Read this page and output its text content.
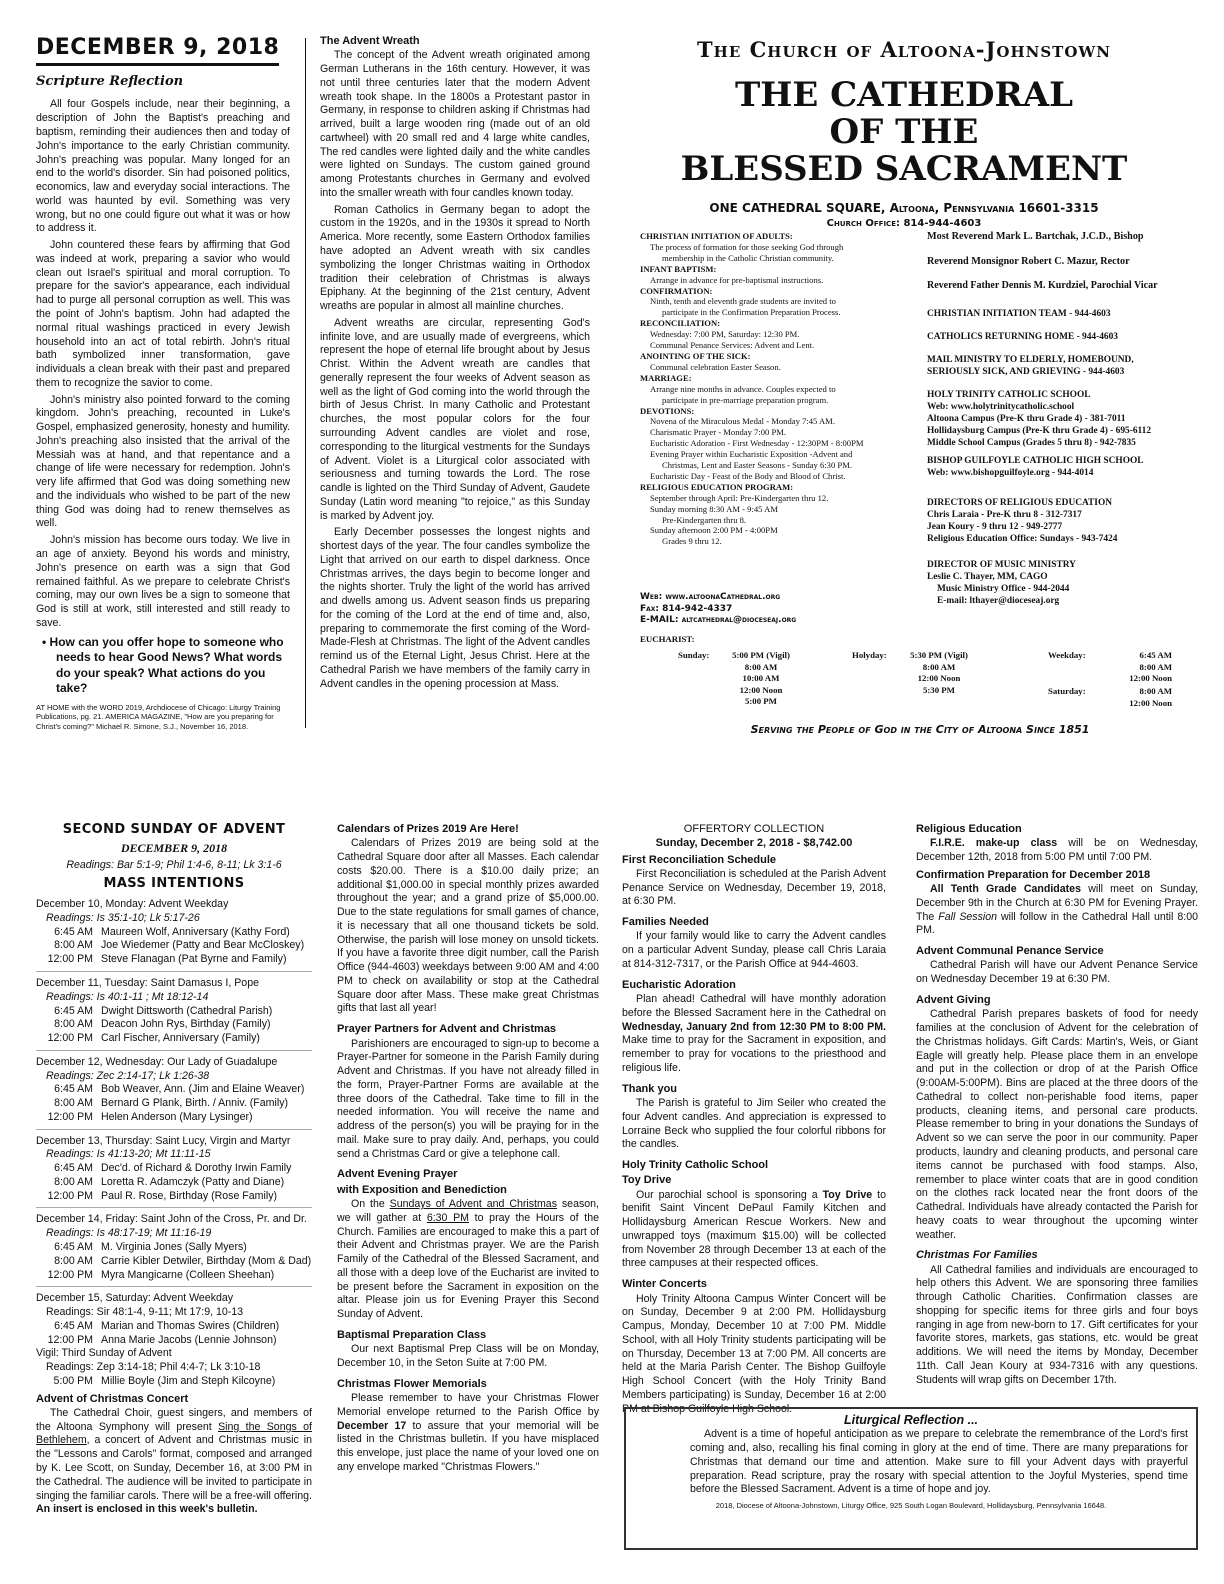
DECEMBER 9, 2018
Scripture Reflection

All four Gospels include, near their beginning, a description of John the Baptist's preaching and baptism, reminding their audiences then and today of John's importance to the early Christian community. John's preaching was popular. Many longed for an end to the world's disorder. Sin had poisoned politics, economics, law and everyday social interactions. The world was haunted by evil. Something was very wrong, but no one could figure out what it was or how to address it.

John countered these fears by affirming that God was indeed at work, preparing a savior who would clean out Israel's spiritual and moral corruption. To prepare for the savior's appearance, each individual had to purge all personal corruption as well. This was the point of John's baptism. John had adapted the normal ritual washings practiced in every Jewish household into an act of total rebirth. John's ritual bath symbolized inner transformation, gave individuals a clean break with their past and prepared them to recognize the savior to come.

John's ministry also pointed forward to the coming kingdom. John's preaching, recounted in Luke's Gospel, emphasized generosity, honesty and humility. John's preaching also insisted that the arrival of the Messiah was at hand, and that repentance and a change of life were necessary for redemption. John's very life affirmed that God was doing something new and the individuals who wished to be part of the new thing God was doing had to renew themselves as well.

John's mission has become ours today. We live in an age of anxiety. Beyond his words and ministry, John's presence on earth was a sign that God remained faithful. As we prepare to celebrate Christ's coming, may our own lives be a sign to someone that God is still at work, still interested and still ready to save.

• How can you offer hope to someone who needs to hear Good News? What words do your speak? What actions do you take?

AT HOME with the WORD 2019, Archdiocese of Chicago: Liturgy Training Publications, pg. 21. AMERICA MAGAZINE, "How are you preparing for Christ's coming?" Michael R. Simone, S.J., November 16, 2018.
The Advent Wreath

The concept of the Advent wreath originated among German Lutherans in the 16th century. However, it was not until three centuries later that the modern Advent wreath took shape. In the 1800s a Protestant pastor in Germany, in response to children asking if Christmas had arrived, built a large wooden ring (made out of an old cartwheel) with 20 small red and 4 large white candles, The red candles were lighted daily and the white candles were lighted on Sundays. The custom gained ground among Protestants churches in Germany and evolved into the smaller wreath with four candles known today.

Roman Catholics in Germany began to adopt the custom in the 1920s, and in the 1930s it spread to North America. More recently, some Eastern Orthodox families have adopted an Advent wreath with six candles symbolizing the longer Christmas waiting in Orthodox tradition their celebration of Christmas is always Epiphany. At the beginning of the 21st century, Advent wreaths are popular in almost all mainline churches.

Advent wreaths are circular, representing God's infinite love, and are usually made of evergreens, which represent the hope of eternal life brought about by Jesus Christ. Within the Advent wreath are candles that generally represent the four weeks of Advent season as well as the light of God coming into the world through the birth of Jesus Christ. In many Catholic and Protestant churches, the most popular colors for the four surrounding Advent candles are violet and rose, corresponding to the liturgical vestments for the Sundays of Advent. Violet is a Liturgical color associated with seriousness and turning towards the Lord. The rose candle is lighted on the Third Sunday of Advent, Gaudete Sunday (Latin word meaning "to rejoice," as this Sunday is marked by Advent joy.

Early December possesses the longest nights and shortest days of the year. The four candles symbolize the Light that arrived on our earth to dispel darkness. Once Christmas arrives, the days begin to become longer and the nights shorter. Truly the light of the world has arrived and dwells among us. Advent season finds us preparing for the coming of the Lord at the end of time and, also, preparing to commemorate the first coming of the Word-Made-Flesh at Christmas. The light of the Advent candles remind us of the Eternal Light, Jesus Christ. Here at the Cathedral Parish we have members of the family carry in Advent candles in the opening procession at Mass.

The Church of Altoona-Johnstown
THE CATHEDRAL
OF THE
BLESSED SACRAMENT
ONE CATHEDRAL SQUARE, Altoona, Pennsylvania 16601-3315
Church Office: 814-944-4603
CHRISTIAN INITIATION OF ADULTS:
The process of formation for those seeking God through
membership in the Catholic Christian community.
INFANT BAPTISM:
Arrange in advance for pre-baptismal instructions.
CONFIRMATION:
Ninth, tenth and eleventh grade students are invited to
participate in the Confirmation Preparation Process.
RECONCILIATION:
Wednesday: 7:00 PM, Saturday: 12:30 PM.
Communal Penance Services: Advent and Lent.
ANOINTING OF THE SICK:
Communal celebration Easter Season.
MARRIAGE:
Arrange nine months in advance. Couples expected to
participate in pre-marriage preparation program.
DEVOTIONS:
Novena of the Miraculous Medal - Monday 7:45 AM.
Charismatic Prayer - Monday 7:00 PM.
Eucharistic Adoration - First Wednesday - 12:30PM - 8:00PM
Evening Prayer within Eucharistic Exposition -Advent and
Christmas, Lent and Easter Seasons - Sunday 6:30 PM.
Eucharistic Day - Feast of the Body and Blood of Christ.
RELIGIOUS EDUCATION PROGRAM:
September through April: Pre-Kindergarten thru 12.
Sunday morning 8:30 AM - 9:45 AM
Pre-Kindergarten thru 8.
Sunday afternoon 2:00 PM - 4:00PM
Grades 9 thru 12.
Most Reverend Mark L. Bartchak, J.C.D., Bishop
Reverend Monsignor Robert C. Mazur, Rector
Reverend Father Dennis M. Kurdziel, Parochial Vicar
CHRISTIAN INITIATION TEAM - 944-4603
CATHOLICS RETURNING HOME - 944-4603
MAIL MINISTRY TO ELDERLY, HOMEBOUND,
SERIOUSLY SICK, AND GRIEVING - 944-4603
HOLY TRINITY CATHOLIC SCHOOL
Web: www.holytrinitycatholic.school
Altoona Campus (Pre-K thru Grade 4) - 381-7011
Hollidaysburg Campus (Pre-K thru Grade 4) - 695-6112
Middle School Campus (Grades 5 thru 8) - 942-7835
BISHOP GUILFOYLE CATHOLIC HIGH SCHOOL
Web: www.bishopguilfoyle.org - 944-4014
DIRECTORS OF RELIGIOUS EDUCATION
Chris Laraia - Pre-K thru 8 - 312-7317
Jean Koury - 9 thru 12 - 949-2777
Religious Education Office: Sundays - 943-7424
DIRECTOR OF MUSIC MINISTRY
Leslie C. Thayer, MM, CAGO
Music Ministry Office - 944-2044
E-mail: lthayer@dioceseaj.org
Web: www.altoonaCathedral.org
Fax: 814-942-4337
E-MAIL: altcathedral@dioceseaj.org
EUCHARIST:
Sunday:	5:00 PM (Vigil)
8:00 AM
10:00 AM
12:00 Noon
5:00 PM
Holyday:	5:30 PM (Vigil)
8:00 AM
12:00 Noon
5:30 PM
Weekday:	6:45 AM
8:00 AM
12:00 Noon
Saturday:	8:00 AM
12:00 Noon
Serving the People of God in the City of Altoona Since 1851
SECOND SUNDAY OF ADVENT
DECEMBER 9, 2018
Readings: Bar 5:1-9; Phil 1:4-6, 8-11; Lk 3:1-6
MASS INTENTIONS
December 10, Monday: Advent Weekday
Readings: Is 35:1-10; Lk 5:17-26
6:45 AM Maureen Wolf, Anniversary (Kathy Ford)
8:00 AM Joe Wiedemer (Patty and Bear McCloskey)
12:00 PM Steve Flanagan (Pat Byrne and Family)
December 11, Tuesday: Saint Damasus I, Pope
Readings: Is 40:1-11 ; Mt 18:12-14
6:45 AM Dwight Dittsworth (Cathedral Parish)
8:00 AM Deacon John Rys, Birthday (Family)
12:00 PM Carl Fischer, Anniversary (Family)
December 12, Wednesday: Our Lady of Guadalupe
Readings: Zec 2:14-17; Lk 1:26-38
6:45 AM Bob Weaver, Ann. (Jim and Elaine Weaver)
8:00 AM Bernard G Plank, Birth. / Anniv. (Family)
12:00 PM Helen Anderson (Mary Lysinger)
December 13, Thursday: Saint Lucy, Virgin and Martyr
Readings: Is 41:13-20; Mt 11:11-15
6:45 AM Dec'd. of Richard & Dorothy Irwin Family
8:00 AM Loretta R. Adamczyk (Patty and Diane)
12:00 PM Paul R. Rose, Birthday (Rose Family)
December 14, Friday: Saint John of the Cross, Pr. and Dr.
Readings: Is 48:17-19; Mt 11:16-19
6:45 AM M. Virginia Jones (Sally Myers)
8:00 AM Carrie Kibler Detwiler, Birthday (Mom & Dad)
12:00 PM Myra Mangicarne (Colleen Sheehan)
December 15, Saturday: Advent Weekday
Readings: Sir 48:1-4, 9-11; Mt 17:9, 10-13
6:45 AM Marian and Thomas Swires (Children)
12:00 PM Anna Marie Jacobs (Lennie Johnson)
Vigil: Third Sunday of Advent
Readings: Zep 3:14-18; Phil 4:4-7; Lk 3:10-18
5:00 PM Millie Boyle (Jim and Steph Kilcoyne)
Advent of Christmas Concert

The Cathedral Choir, guest singers, and members of the Altoona Symphony will present Sing the Songs of Bethlehem, a concert of Advent and Christmas music in the "Lessons and Carols" format, composed and arranged by K. Lee Scott, on Sunday, December 16, at 3:00 PM in the Cathedral. The audience will be invited to participate in singing the familiar carols. There will be a free-will offering. An insert is enclosed in this week's bulletin.

Calendars of Prizes 2019 Are Here!

Calendars of Prizes 2019 are being sold at the Cathedral Square door after all Masses. Each calendar costs $20.00. There is a $10.00 daily prize; an additional $1,000.00 in special monthly prizes awarded throughout the year; and a grand prize of $5,000.00. Due to the state regulations for small games of chance, it is necessary that all one thousand tickets be sold. Otherwise, the parish will lose money on unsold tickets. If you have a favorite three digit number, call the Parish Office (944-4603) weekdays between 9:00 AM and 4:00 PM to check on availability or stop at the Cathedral Square door after Mass. These make great Christmas gifts that last all year!

Prayer Partners for Advent and Christmas

Parishioners are encouraged to sign-up to become a Prayer-Partner for someone in the Parish Family during Advent and Christmas. If you have not already filled in the form, Prayer-Partner Forms are available at the three doors of the Cathedral. Take time to fill in the needed information. You will receive the name and address of the person(s) you will be praying for in the mail. Make sure to pray daily. And, perhaps, you could send a Christmas Card or give a telephone call.

Advent Evening Prayer
with Exposition and Benediction

On the Sundays of Advent and Christmas season, we will gather at 6:30 PM to pray the Hours of the Church. Families are encouraged to make this a part of their Advent and Christmas prayer. We are the Parish Family of the Cathedral of the Blessed Sacrament, and all those with a deep love of the Eucharist are invited to be present before the Sacrament in exposition on the altar. Please join us for Evening Prayer this Second Sunday of Advent.

Baptismal Preparation Class

Our next Baptismal Prep Class will be on Monday, December 10, in the Seton Suite at 7:00 PM.

Christmas Flower Memorials

Please remember to have your Christmas Flower Memorial envelope returned to the Parish Office by December 17 to assure that your memorial will be listed in the Christmas bulletin. If you have misplaced this envelope, just place the name of your loved one on any envelope marked "Christmas Flowers."

OFFERTORY COLLECTION
Sunday, December 2, 2018 - $8,742.00
First Reconciliation Schedule

First Reconciliation is scheduled at the Parish Advent Penance Service on Wednesday, December 19, 2018, at 6:30 PM.

Families Needed

If your family would like to carry the Advent candles on a particular Advent Sunday, please call Chris Laraia at 814-312-7317, or the Parish Office at 944-4603.

Eucharistic Adoration

Plan ahead! Cathedral will have monthly adoration before the Blessed Sacrament here in the Cathedral on Wednesday, January 2nd from 12:30 PM to 8:00 PM. Make time to pray for the Sacrament in exposition, and remember to pray for vocations to the priesthood and religious life.

Thank you

The Parish is grateful to Jim Seiler who created the four Advent candles. And appreciation is expressed to Lorraine Beck who supplied the four colorful ribbons for the candles.

Holy Trinity Catholic School
Toy Drive

Our parochial school is sponsoring a Toy Drive to benifit Saint Vincent DePaul Family Kitchen and Hollidaysburg American Rescue Workers. New and unwrapped toys (maximum $15.00) will be collected from November 28 through December 13 at each of the three campuses at their respected offices.

Winter Concerts

Holy Trinity Altoona Campus Winter Concert will be on Sunday, December 9 at 2:00 PM. Hollidaysburg Campus, Monday, December 10 at 7:00 PM. Middle School, with all Holy Trinity students participating will be on Thursday, December 13 at 7:00 PM. All concerts are held at the Maria Parish Center. The Bishop Guilfoyle High School Concert (with the Holy Trinity Band Members participating) is Sunday, December 16 at 2:00 PM at Bishop Guilfoyle High School.

Religious Education

F.I.R.E. make-up class will be on Wednesday, December 12th, 2018 from 5:00 PM until 7:00 PM.

Confirmation Preparation for December 2018

All Tenth Grade Candidates will meet on Sunday, December 9th in the Church at 6:30 PM for Evening Prayer. The Fall Session will follow in the Cathedral Hall until 8:00 PM.

Advent Communal Penance Service

Cathedral Parish will have our Advent Penance Service on Wednesday December 19 at 6:30 PM.

Advent Giving

Cathedral Parish prepares baskets of food for needy families at the conclusion of Advent for the celebration of the Christmas holidays. Gift Cards: Martin's, Weis, or Giant Eagle will greatly help. Please place them in an envelope and put in the collection or drop of at the Parish Office (9:00AM-5:00PM). Bins are placed at the three doors of the Cathedral to collect non-perishable food items, paper products, cleaning items, and personal care products. Please remember to bring in your donations the Sundays of Advent so we can serve the poor in our community. Paper products, laundry and cleaning products, and personal care items cannot be purchased with food stamps. Also, remember to place winter coats that are in good condition on the clothes rack located near the front doors of the Cathedral. Individuals have already contacted the Parish for heavy coats to wear throughout the upcoming winter weather.

Christmas For Families

All Cathedral families and individuals are encouraged to help others this Advent. We are sponsoring three families through Catholic Charities. Confirmation classes are shopping for specific items for three girls and four boys ranging in age from new-born to 17. Gift certificates for your favorite stores, markets, gas stations, etc. would be great additions. We will need the items by Monday, December 11th. Call Jean Koury at 934-7316 with any questions. Students will wrap gifts on December 17th.

Liturgical Reflection ...

Advent is a time of hopeful anticipation as we prepare to celebrate the remembrance of the Lord's first coming and, also, recalling his final coming in glory at the end of time. There are many preparations for Christmas that demand our time and attention. Make sure to fill your Advent days with prayerful preparation. Read scripture, pray the rosary with special attention to the Joyful Mysteries, spend time before the Blessed Sacrament. Advent is a time of hope and joy.

2018, Diocese of Altoona-Johnstown, Liturgy Office, 925 South Logan Boulevard, Hollidaysburg, Pennsylvania 16648.
